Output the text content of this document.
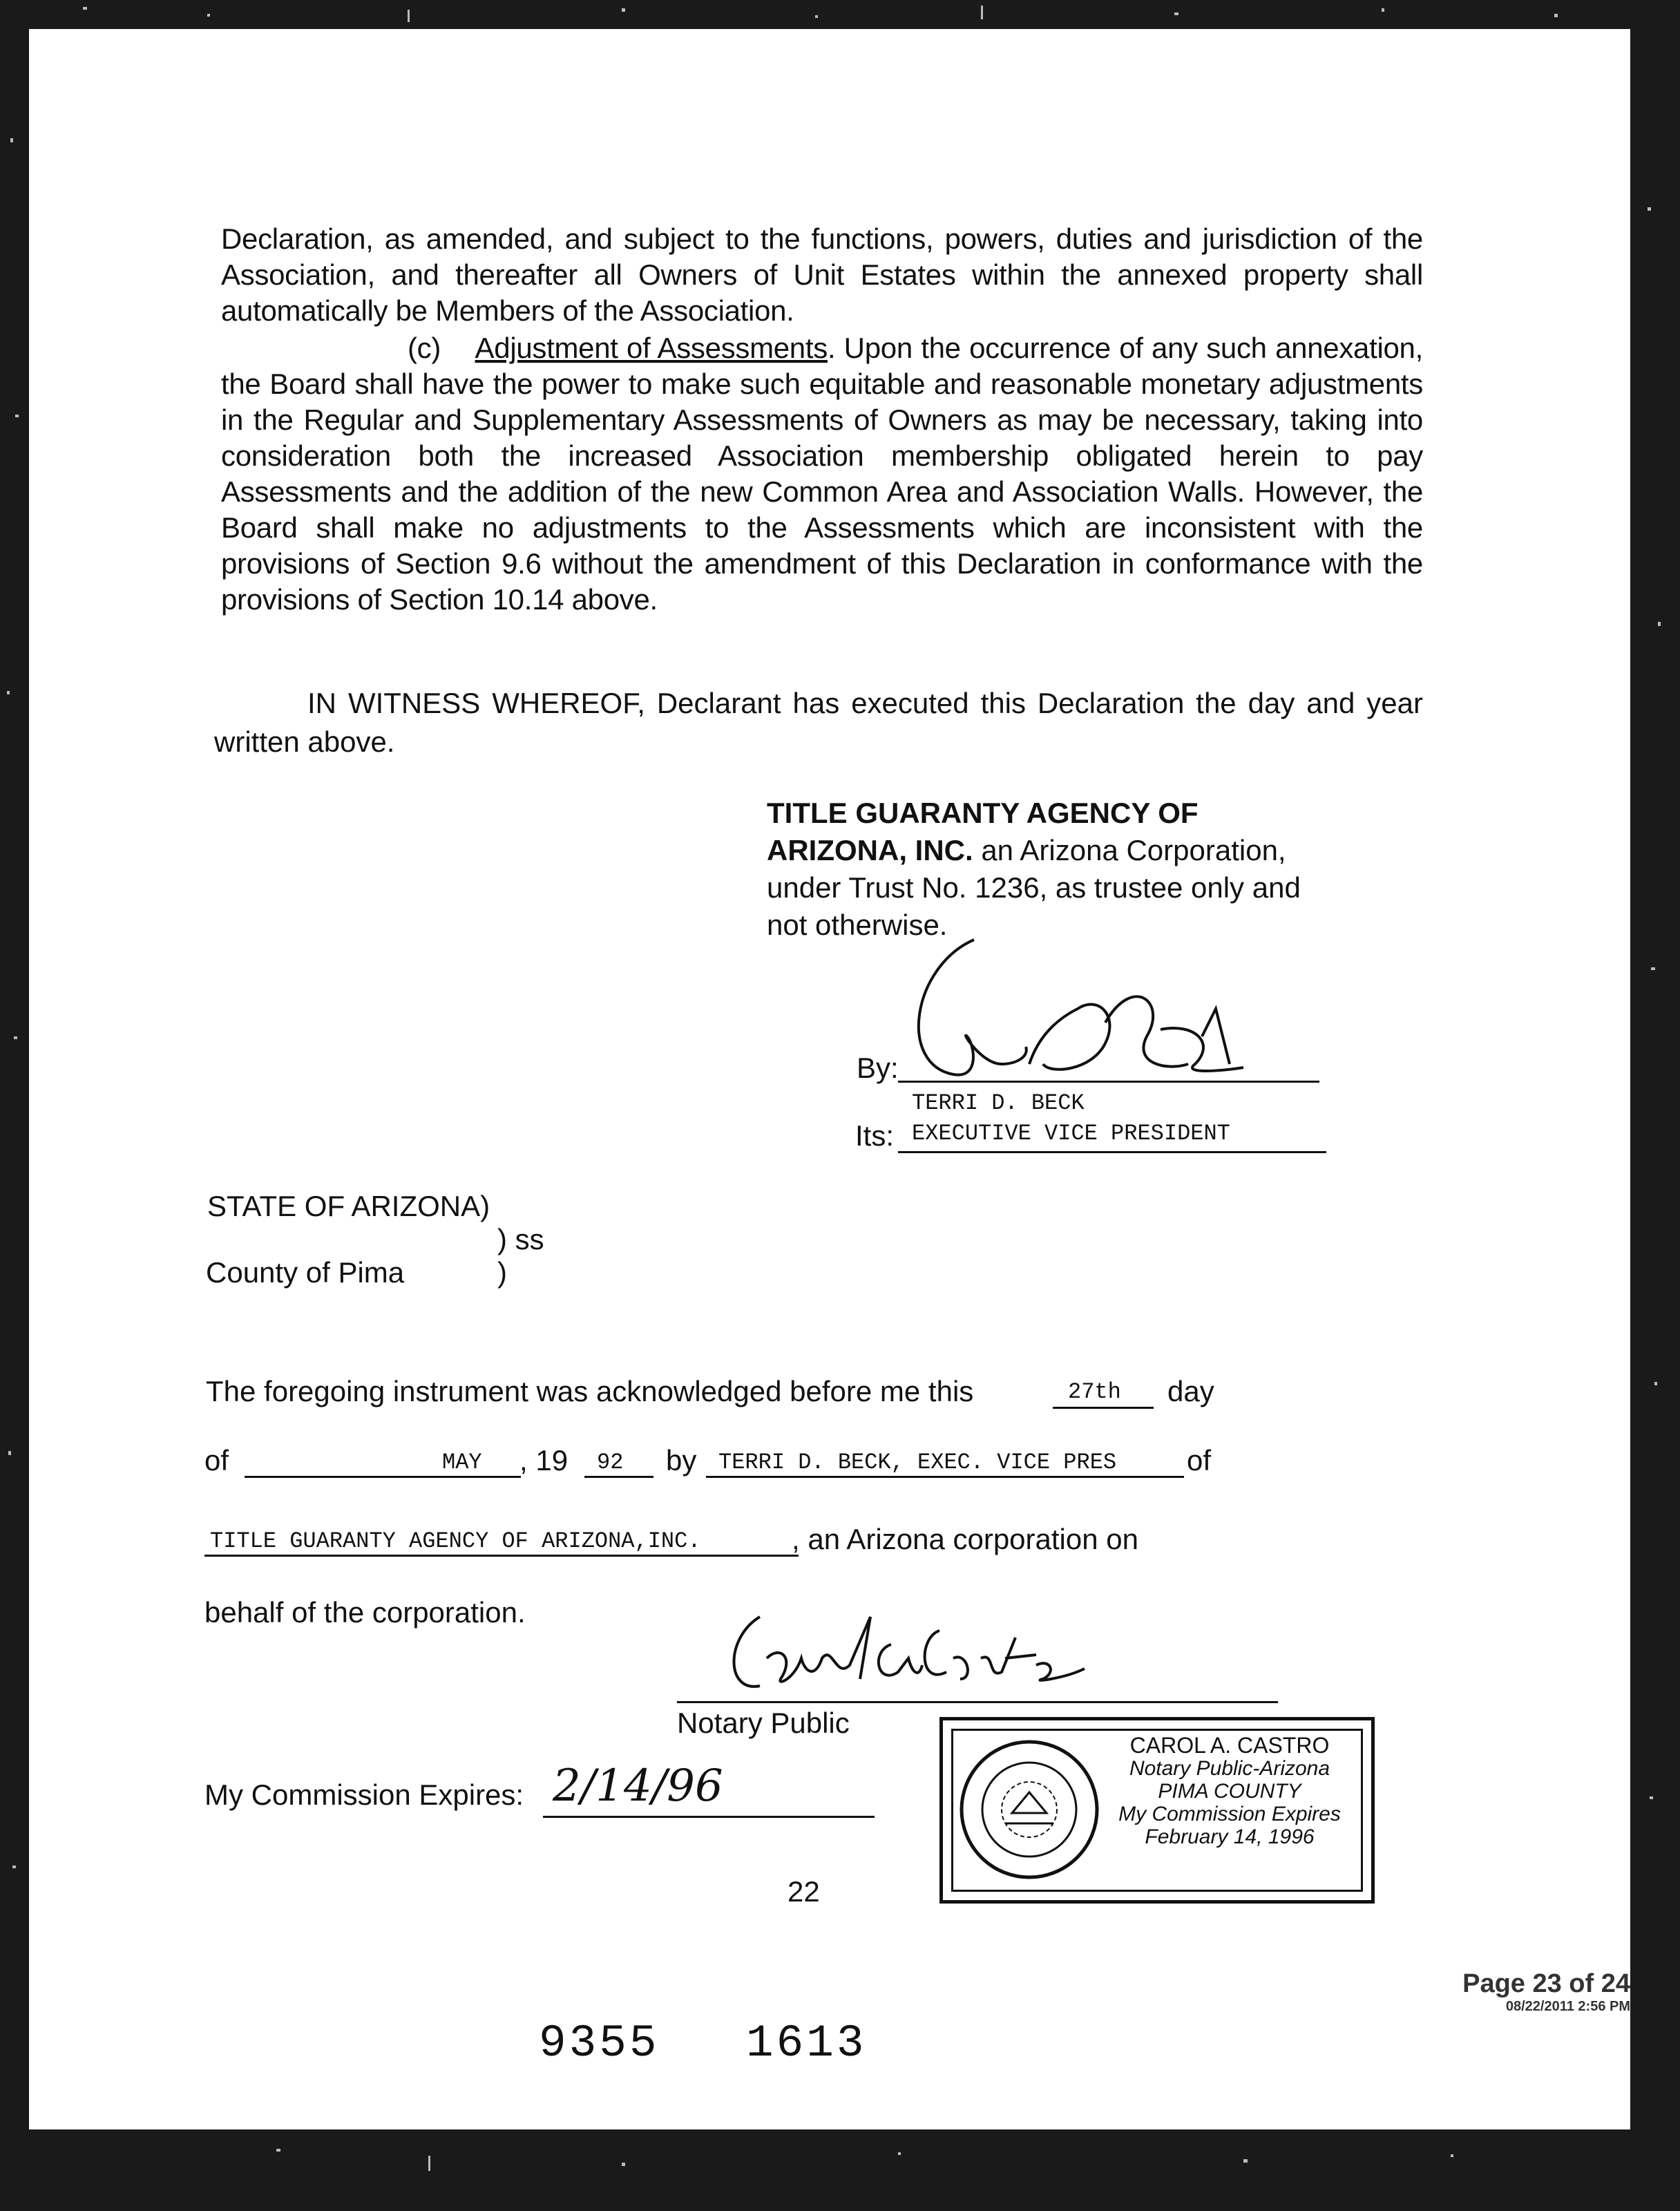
Declaration, as amended, and subject to the functions, powers, duties and jurisdiction of the Association, and thereafter all Owners of Unit Estates within the annexed property shall automatically be Members of the Association.

(c) Adjustment of Assessments. Upon the occurrence of any such annexation, the Board shall have the power to make such equitable and reasonable monetary adjustments in the Regular and Supplementary Assessments of Owners as may be necessary, taking into consideration both the increased Association membership obligated herein to pay Assessments and the addition of the new Common Area and Association Walls. However, the Board shall make no adjustments to the Assessments which are inconsistent with the provisions of Section 9.6 without the amendment of this Declaration in conformance with the provisions of Section 10.14 above.

IN WITNESS WHEREOF, Declarant has executed this Declaration the day and year written above.
TITLE GUARANTY AGENCY OF
ARIZONA, INC. an Arizona Corporation,
under Trust No. 1236, as trustee only and
not otherwise.
By:
TERRI D. BECK
Its: EXECUTIVE VICE PRESIDENT
STATE OF ARIZONA)
) ss
County of Pima	)
The foregoing instrument was acknowledged before me this	27th day
of	MAY , 19 92 by TERRI D. BECK, EXEC. VICE PRES of
TITLE GUARANTY AGENCY OF ARIZONA,INC.	, an Arizona corporation on
behalf of the corporation.
Notary Public
My Commission Expires: 2/14/96
CAROL A. CASTRO
Notary Public-Arizona
PIMA COUNTY
My Commission Expires
February 14, 1996
22
Page 23 of 24
08/22/2011 2:56 PM
9355 1613
